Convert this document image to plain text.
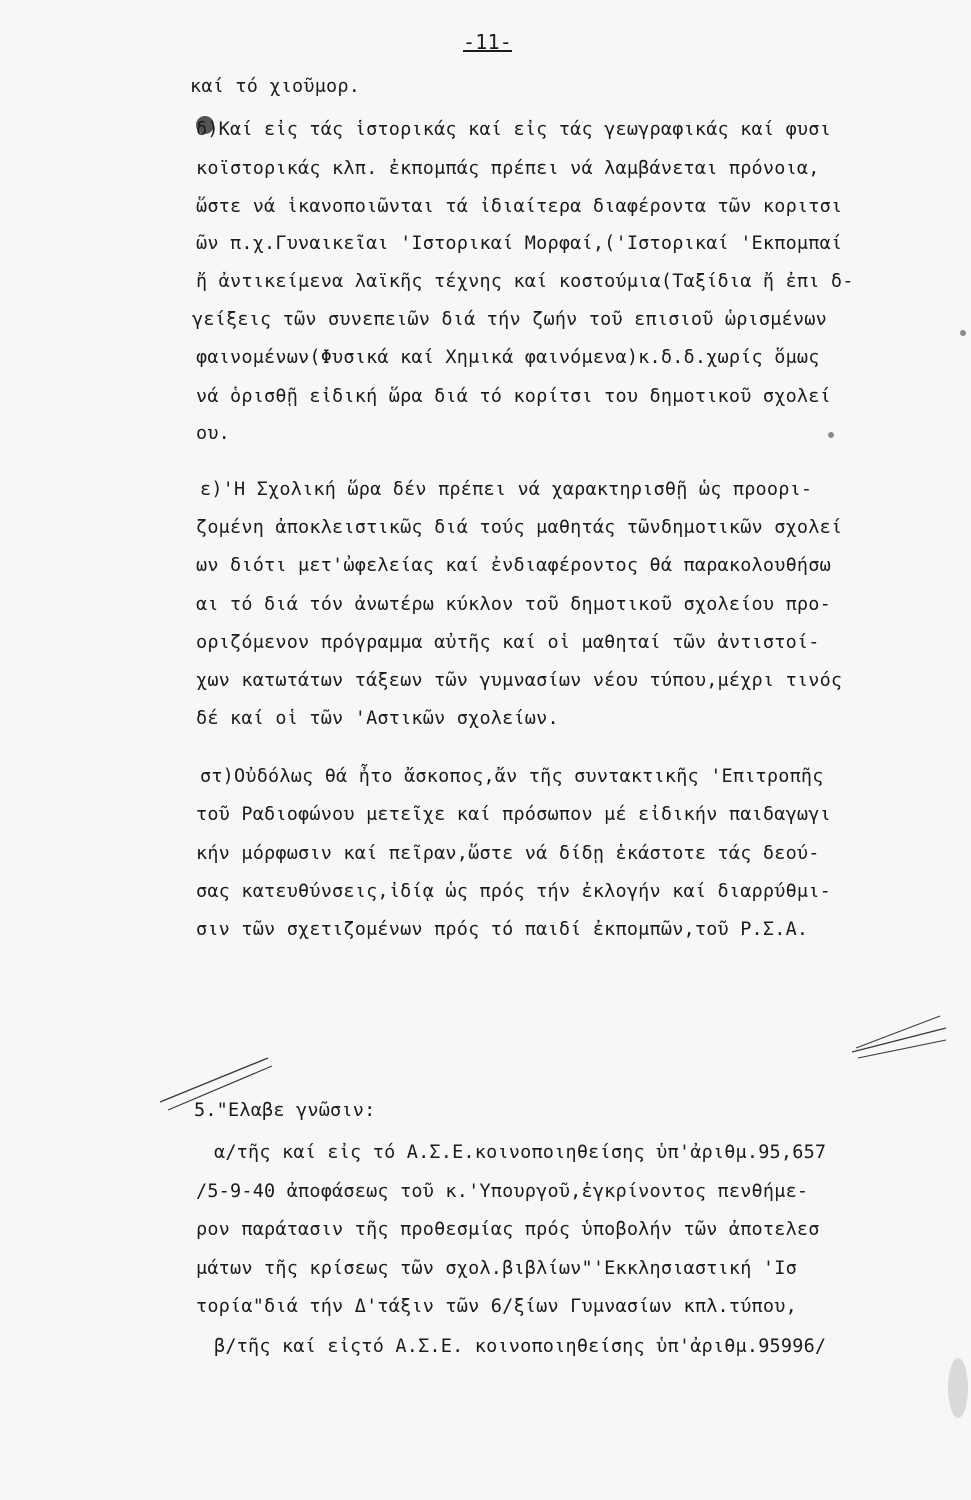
-11-
καί τό χιοῦμορ.
δ)Καί εἰς τάς ἱστορικάς καί εἰς τάς γεωγραφικάς καί φυσι
κοϊστορικάς κλπ. ἐκπομπάς πρέπει νά λαμβάνεται πρόνοια,
ὥστε νά ἱκανοποιῶνται τά ἰδιαίτερα διαφέροντα τῶν κοριτσι
ῶν π.χ.Γυναικεῖαι 'Ιστορικαί Μορφαί,('Ιστορικαί 'Εκπομπαί
ἤ ἀντικείμενα λαϊκῆς τέχνης καί κοστούμια(Ταξίδια ἤ ἐπι δ-
γείξεις τῶν συνεπειῶν διά τήν ζωήν τοῦ επισιοῦ ὡρισμένων
φαινομένων(Φυσικά καί Χημικά φαινόμενα)κ.δ.δ.χωρίς ὅμως
νά ὁρισθῇ εἰδική ὥρα διά τό κορίτσι του δημοτικοῦ σχολεί
ου.
ε)'Η Σχολική ὥρα δέν πρέπει νά χαρακτηρισθῇ ὡς προορι-
ζομένη ἀποκλειστικῶς διά τούς μαθητάς τῶνδημοτικῶν σχολεί
ων διότι μετ'ὠφελείας καί ἐνδιαφέροντος θά παρακολουθήσω
αι τό διά τόν ἀνωτέρω κύκλον τοῦ δημοτικοῦ σχολείου προ-
οριζόμενον πρόγραμμα αὐτῆς καί οἱ μαθηταί τῶν ἀντιστοί-
χων κατωτάτων τάξεων τῶν γυμνασίων νέου τύπου,μέχρι τινός
δέ καί οἱ τῶν 'Αστικῶν σχολείων.
στ)Οὐδόλως θά ἦτο ἄσκοπος,ἄν τῆς συντακτικῆς 'Επιτροπῆς
τοῦ Ραδιοφώνου μετεῖχε καί πρόσωπον μέ εἰδικήν παιδαγωγι
κήν μόρφωσιν καί πεῖραν,ὥστε νά δίδῃ ἑκάστοτε τάς δεού-
σας κατευθύνσεις,ἰδίᾳ ὡς πρός τήν ἐκλογήν καί διαρρύθμι-
σιν τῶν σχετιζομένων πρός τό παιδί ἐκπομπῶν,τοῦ Ρ.Σ.Α.
5."Ελαβε γνῶσιν:
α/τῆς καί εἰς τό Α.Σ.Ε.κοινοποιηθείσης ὑπ'ἀριθμ.95,657
/5-9-40 ἀποφάσεως τοῦ κ.'Υπουργοῦ,ἐγκρίνοντος πενθήμε-
ρον παράτασιν τῆς προθεσμίας πρός ὑποβολήν τῶν ἀποτελεσ
μάτων τῆς κρίσεως τῶν σχολ.βιβλίων"'Εκκλησιαστική 'Ισ
τορία"διά τήν Δ'τάξιν τῶν 6/ξίων Γυμνασίων κπλ.τύπου,
β/τῆς καί εἰςτό Α.Σ.Ε. κοινοποιηθείσης ὑπ'ἀριθμ.95996/
